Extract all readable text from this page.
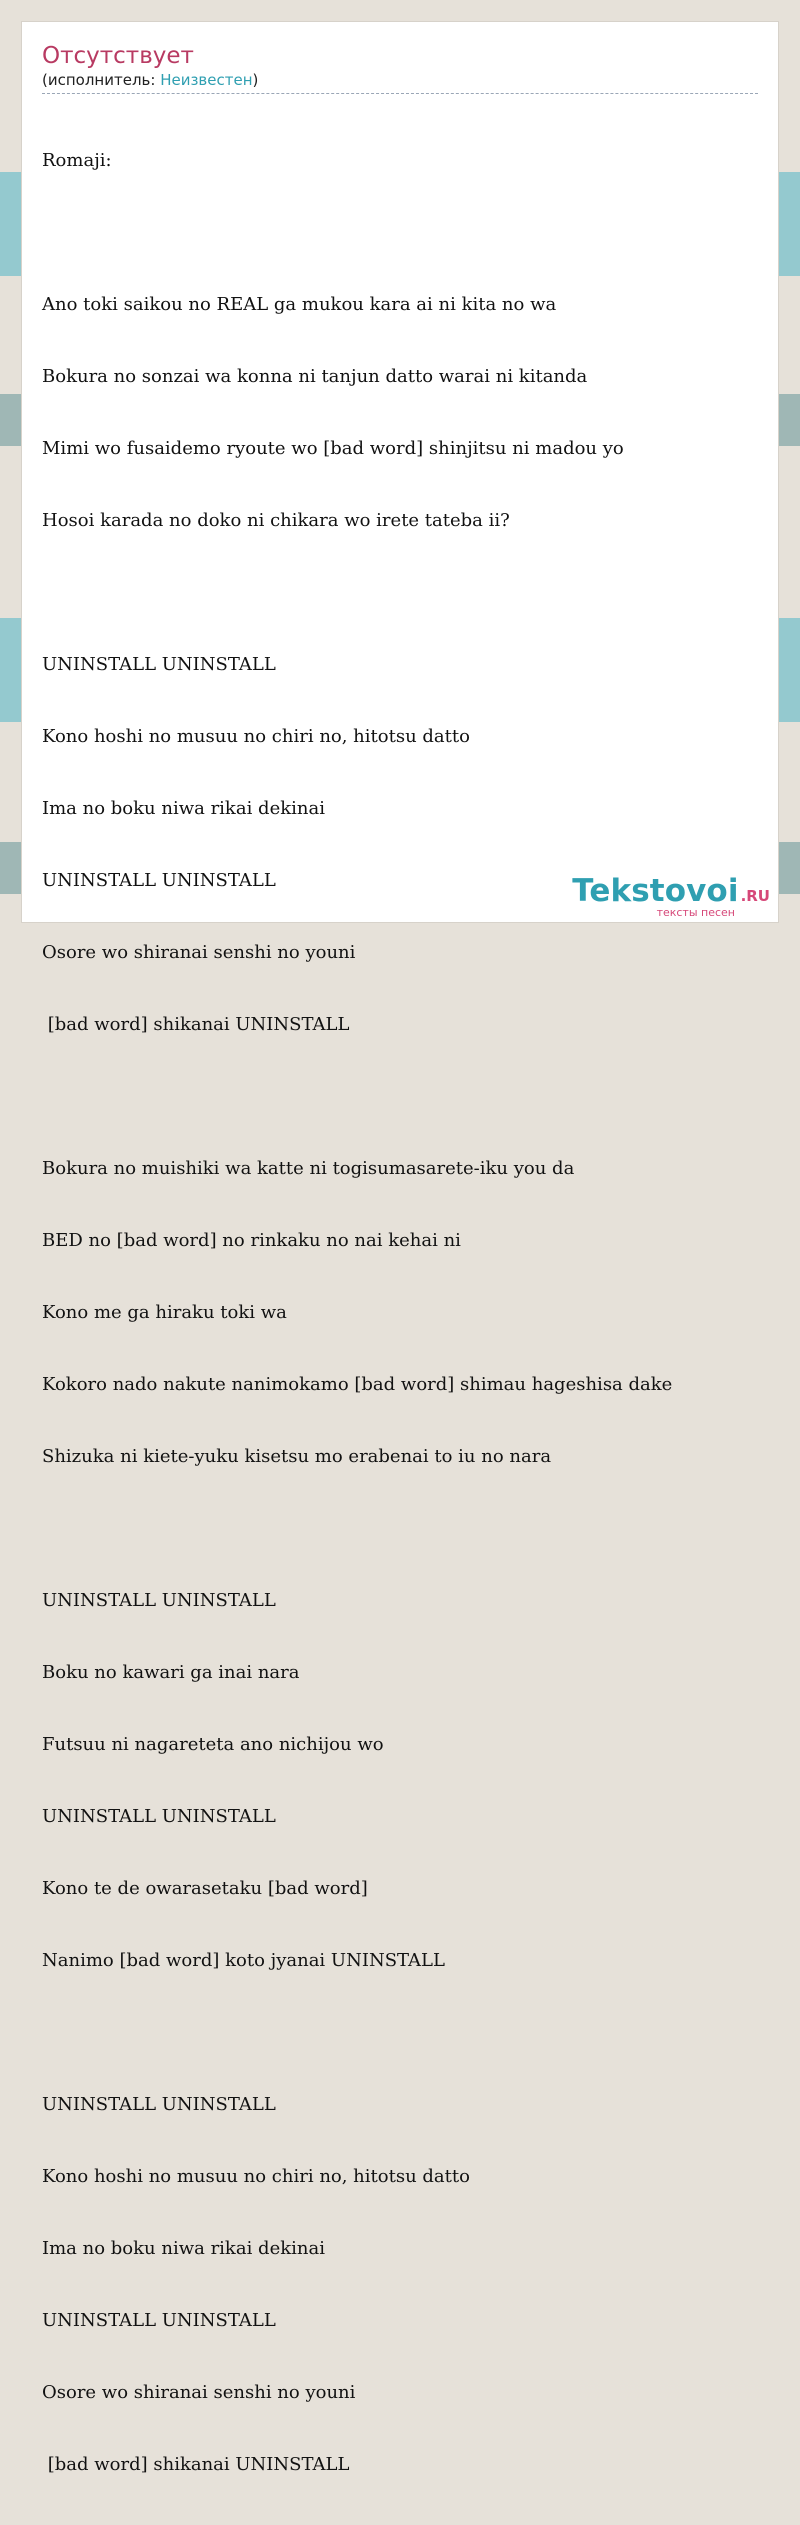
Отсутствует
(исполнитель: Неизвестен)

Romaji:

Ano toki saikou no REAL ga mukou kara ai ni kita no wa

Bokura no sonzai wa konna ni tanjun datto warai ni kitanda

Mimi wo fusaidemo ryoute wo [bad word] shinjitsu ni madou yo

Hosoi karada no doko ni chikara wo irete tateba ii?

UNINSTALL UNINSTALL

Kono hoshi no musuu no chiri no, hitotsu datto

Ima no boku niwa rikai dekinai

UNINSTALL UNINSTALL

Osore wo shiranai senshi no youni

[bad word] shikanai UNINSTALL

Bokura no muishiki wa katte ni togisumasarete-iku you da

BED no [bad word] no rinkaku no nai kehai ni

Kono me ga hiraku toki wa

Kokoro nado nakute nanimokamo [bad word] shimau hageshisa dake

Shizuka ni kiete-yuku kisetsu mo erabenai to iu no nara

UNINSTALL UNINSTALL

Boku no kawari ga inai nara

Futsuu ni nagareteta ano nichijou wo

UNINSTALL UNINSTALL

Kono te de owarasetaku [bad word]

Nanimo [bad word] koto jyanai UNINSTALL

UNINSTALL UNINSTALL

Kono hoshi no musuu no chiri no, hitotsu datto

Ima no boku niwa rikai dekinai

UNINSTALL UNINSTALL

Osore wo shiranai senshi no youni

[bad word] shikanai UNINSTALL

Tekstovoi .RU
тексты песен
